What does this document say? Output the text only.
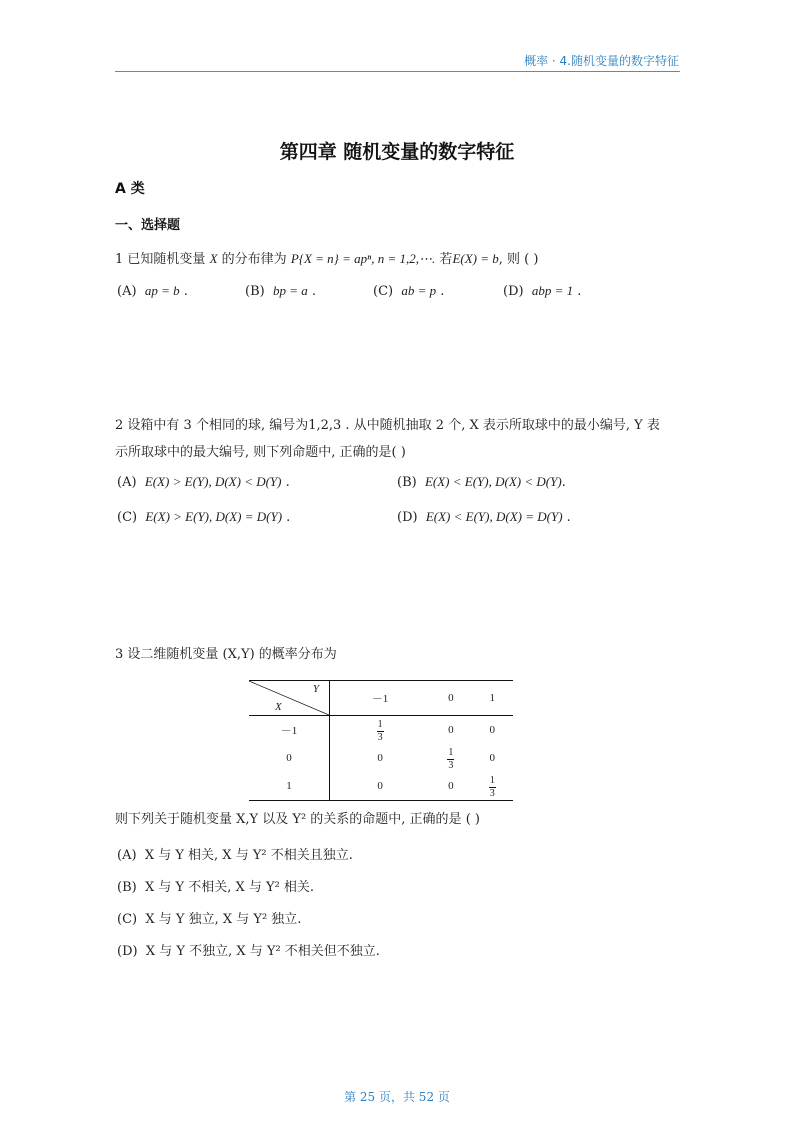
概率 · 4.随机变量的数字特征
第四章 随机变量的数字特征
A 类
一、选择题
1 已知随机变量 X 的分布律为 P{X = n} = apⁿ, n = 1,2,⋯. 若E(X) = b, 则 ( )
(A) ap = b .	(B) bp = a .	(C) ab = p .	(D) abp = 1 .
2 设箱中有 3 个相同的球, 编号为1,2,3 . 从中随机抽取 2 个, X 表示所取球中的最小编号, Y 表
示所取球中的最大编号, 则下列命题中, 正确的是( )
(A) E(X) > E(Y), D(X) < D(Y) .	(B) E(X) < E(Y), D(X) < D(Y).
(C) E(X) > E(Y), D(X) = D(Y) .	(D) E(X) < E(Y), D(X) = D(Y) .
3 设二维随机变量 (X,Y) 的概率分布为
Y
X	－1	0	1
－1	$\frac{1}{3}$	0	0
0	0	$\frac{1}{3}$	0
1	0	0	$\frac{1}{3}$
则下列关于随机变量 X,Y 以及 Y² 的关系的命题中, 正确的是 ( )
(A) X 与 Y 相关, X 与 Y² 不相关且独立.
(B) X 与 Y 不相关, X 与 Y² 相关.
(C) X 与 Y 独立, X 与 Y² 独立.
(D) X 与 Y 不独立, X 与 Y² 不相关但不独立.
第 25 页，共 52 页
